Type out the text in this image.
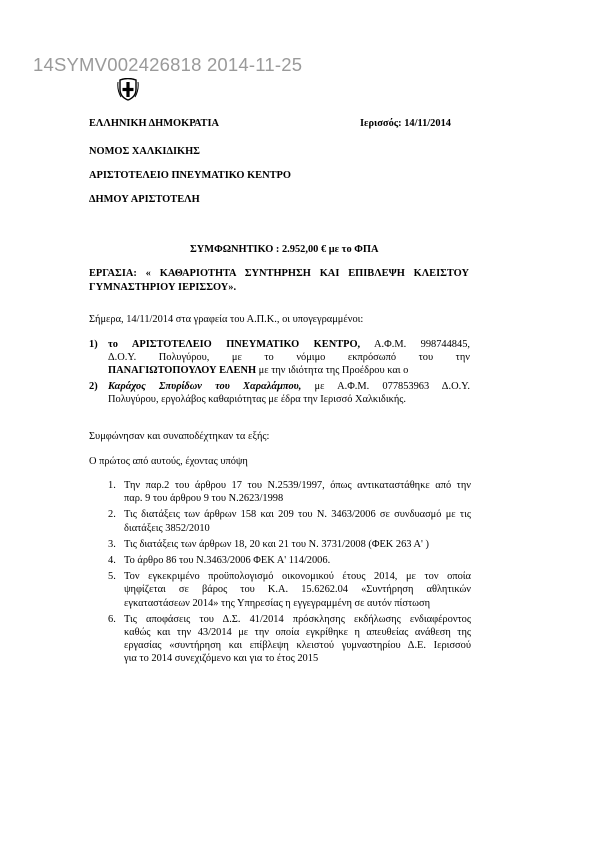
14SYMV002426818 2014-11-25
ΕΛΛΗΝΙΚΗ ΔΗΜΟΚΡΑΤΙΑ	Ιερισσός: 14/11/2014
ΝΟΜΟΣ ΧΑΛΚΙΔΙΚΗΣ
ΑΡΙΣΤΟΤΕΛΕΙΟ ΠΝΕΥΜΑΤΙΚΟ ΚΕΝΤΡΟ
ΔΗΜΟΥ ΑΡΙΣΤΟΤΕΛΗ
ΣΥΜΦΩΝΗΤΙΚΟ : 2.952,00 € με το ΦΠΑ
ΕΡΓΑΣΙΑ: « ΚΑΘΑΡΙΟΤΗΤΑ ΣΥΝΤΗΡΗΣΗ ΚΑΙ ΕΠΙΒΛΕΨΗ ΚΛΕΙΣΤΟΥ
ΓΥΜΝΑΣΤΗΡΙΟΥ ΙΕΡΙΣΣΟΥ».
Σήμερα, 14/11/2014 στα γραφεία του Α.Π.Κ., οι υπογεγραμμένοι:
1) το ΑΡΙΣΤΟΤΕΛΕΙΟ ΠΝΕΥΜΑΤΙΚΟ ΚΕΝΤΡΟ, Α.Φ.Μ. 998744845,
Δ.Ο.Υ. Πολυγύρου, με το νόμιμο εκπρόσωπό του την
ΠΑΝΑΓΙΩΤΟΠΟΥΛΟΥ ΕΛΕΝΗ με την ιδιότητα της Προέδρου και ο
2) Καράχος Σπυρίδων του Χαραλάμπου, με Α.Φ.Μ. 077853963 Δ.Ο.Υ.
Πολυγύρου, εργολάβος καθαριότητας με έδρα την Ιερισσό Χαλκιδικής.
Συμφώνησαν και συναποδέχτηκαν τα εξής:
Ο πρώτος από αυτούς, έχοντας υπόψη
1. Την παρ.2 του άρθρου 17 του Ν.2539/1997, όπως αντικαταστάθηκε από την
παρ. 9 του άρθρου 9 του Ν.2623/1998
2. Τις διατάξεις των άρθρων 158 και 209 του Ν. 3463/2006 σε συνδυασμό με τις
διατάξεις 3852/2010
3. Τις διατάξεις των άρθρων 18, 20 και 21 του Ν. 3731/2008 (ΦΕΚ 263 Α' )
4. Το άρθρο 86 του Ν.3463/2006 ΦΕΚ Α' 114/2006.
5. Τον εγκεκριμένο προϋπολογισμό οικονομικού έτους 2014, με τον οποία
ψηφίζεται σε βάρος του Κ.Α. 15.6262.04 «Συντήρηση αθλητικών
εγκαταστάσεων 2014» της Υπηρεσίας η εγγεγραμμένη σε αυτόν πίστωση
6. Τις αποφάσεις του Δ.Σ. 41/2014 πρόσκλησης εκδήλωσης ενδιαφέροντος
καθώς και την 43/2014 με την οποία εγκρίθηκε η απευθείας ανάθεση της
εργασίας «συντήρηση και επίβλεψη κλειστού γυμναστηρίου Δ.Ε. Ιερισσού
για το 2014 συνεχιζόμενο και για το έτος 2015
